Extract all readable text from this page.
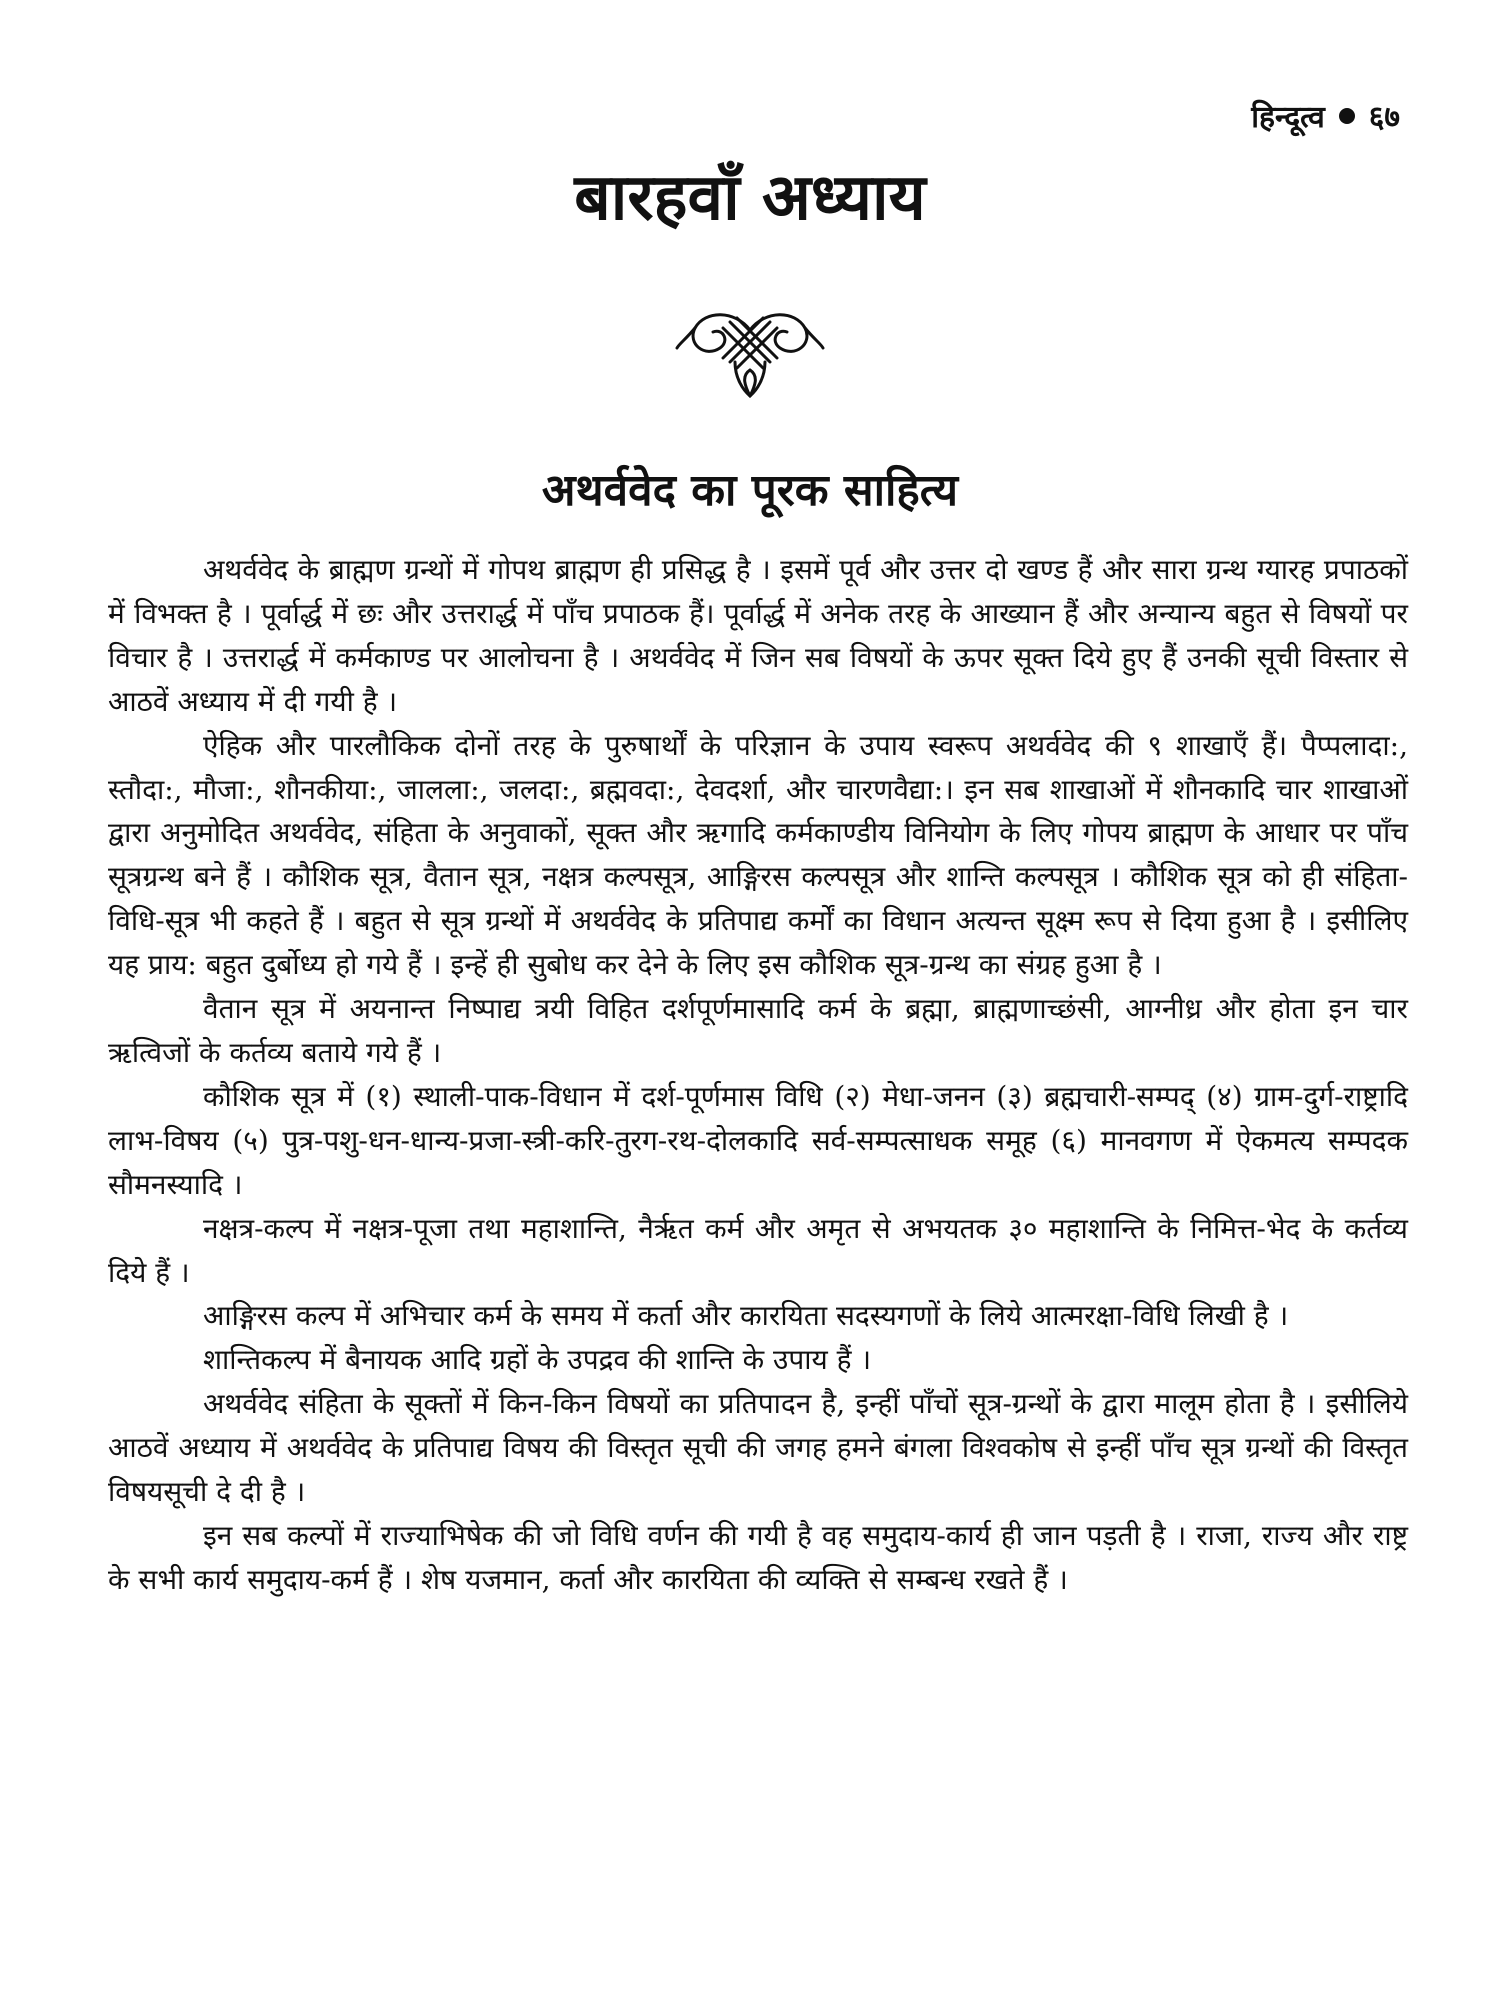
हिन्दूत्व ६७
बारहवाँ अध्याय
अथर्ववेद का पूरक साहित्य

अथर्ववेद के ब्राह्मण ग्रन्थों में गोपथ ब्राह्मण ही प्रसिद्ध है । इसमें पूर्व और उत्तर दो खण्ड हैं और सारा ग्रन्थ ग्यारह प्रपाठकों में विभक्त है । पूर्वार्द्ध में छः और उत्तरार्द्ध में पाँच प्रपाठक हैं। पूर्वार्द्ध में अनेक तरह के आख्यान हैं और अन्यान्य बहुत से विषयों पर विचार है । उत्तरार्द्ध में कर्मकाण्ड पर आलोचना है । अथर्ववेद में जिन सब विषयों के ऊपर सूक्त दिये हुए हैं उनकी सूची विस्तार से आठवें अध्याय में दी गयी है ।

ऐहिक और पारलौकिक दोनों तरह के पुरुषार्थों के परिज्ञान के उपाय स्वरूप अथर्ववेद की ९ शाखाएँ हैं। पैप्पलादा:, स्तौदा:, मौजा:, शौनकीया:, जालला:, जलदा:, ब्रह्मवदा:, देवदर्शा, और चारणवैद्या:। इन सब शाखाओं में शौनकादि चार शाखाओं द्वारा अनुमोदित अथर्ववेद, संहिता के अनुवाकों, सूक्त और ऋगादि कर्मकाण्डीय विनियोग के लिए गोपय ब्राह्मण के आधार पर पाँच सूत्रग्रन्थ बने हैं । कौशिक सूत्र, वैतान सूत्र, नक्षत्र कल्पसूत्र, आङ्गिरस कल्पसूत्र और शान्ति कल्पसूत्र । कौशिक सूत्र को ही संहिता-विधि-सूत्र भी कहते हैं । बहुत से सूत्र ग्रन्थों में अथर्ववेद के प्रतिपाद्य कर्मों का विधान अत्यन्त सूक्ष्म रूप से दिया हुआ है । इसीलिए यह प्राय: बहुत दुर्बोध्य हो गये हैं । इन्हें ही सुबोध कर देने के लिए इस कौशिक सूत्र-ग्रन्थ का संग्रह हुआ है ।

वैतान सूत्र में अयनान्त निष्पाद्य त्रयी विहित दर्शपूर्णमासादि कर्म के ब्रह्मा, ब्राह्मणाच्छंसी, आग्नीध्र और होता इन चार ऋत्विजों के कर्तव्य बताये गये हैं ।

कौशिक सूत्र में (१) स्थाली-पाक-विधान में दर्श-पूर्णमास विधि (२) मेधा-जनन (३) ब्रह्मचारी-सम्पद् (४) ग्राम-दुर्ग-राष्ट्रादि लाभ-विषय (५) पुत्र-पशु-धन-धान्य-प्रजा-स्त्री-करि-तुरग-रथ-दोलकादि सर्व-सम्पत्साधक समूह (६) मानवगण में ऐकमत्य सम्पदक सौमनस्यादि ।

नक्षत्र-कल्प में नक्षत्र-पूजा तथा महाशान्ति, नैर्ऋत कर्म और अमृत से अभयतक ३० महाशान्ति के निमित्त-भेद के कर्तव्य दिये हैं ।

आङ्गिरस कल्प में अभिचार कर्म के समय में कर्ता और कारयिता सदस्यगणों के लिये आत्मरक्षा-विधि लिखी है ।

शान्तिकल्प में बैनायक आदि ग्रहों के उपद्रव की शान्ति के उपाय हैं ।

अथर्ववेद संहिता के सूक्तों में किन-किन विषयों का प्रतिपादन है, इन्हीं पाँचों सूत्र-ग्रन्थों के द्वारा मालूम होता है । इसीलिये आठवें अध्याय में अथर्ववेद के प्रतिपाद्य विषय की विस्तृत सूची की जगह हमने बंगला विश्वकोष से इन्हीं पाँच सूत्र ग्रन्थों की विस्तृत विषयसूची दे दी है ।

इन सब कल्पों में राज्याभिषेक की जो विधि वर्णन की गयी है वह समुदाय-कार्य ही जान पड़ती है । राजा, राज्य और राष्ट्र के सभी कार्य समुदाय-कर्म हैं । शेष यजमान, कर्ता और कारयिता की व्यक्ति से सम्बन्ध रखते हैं ।
